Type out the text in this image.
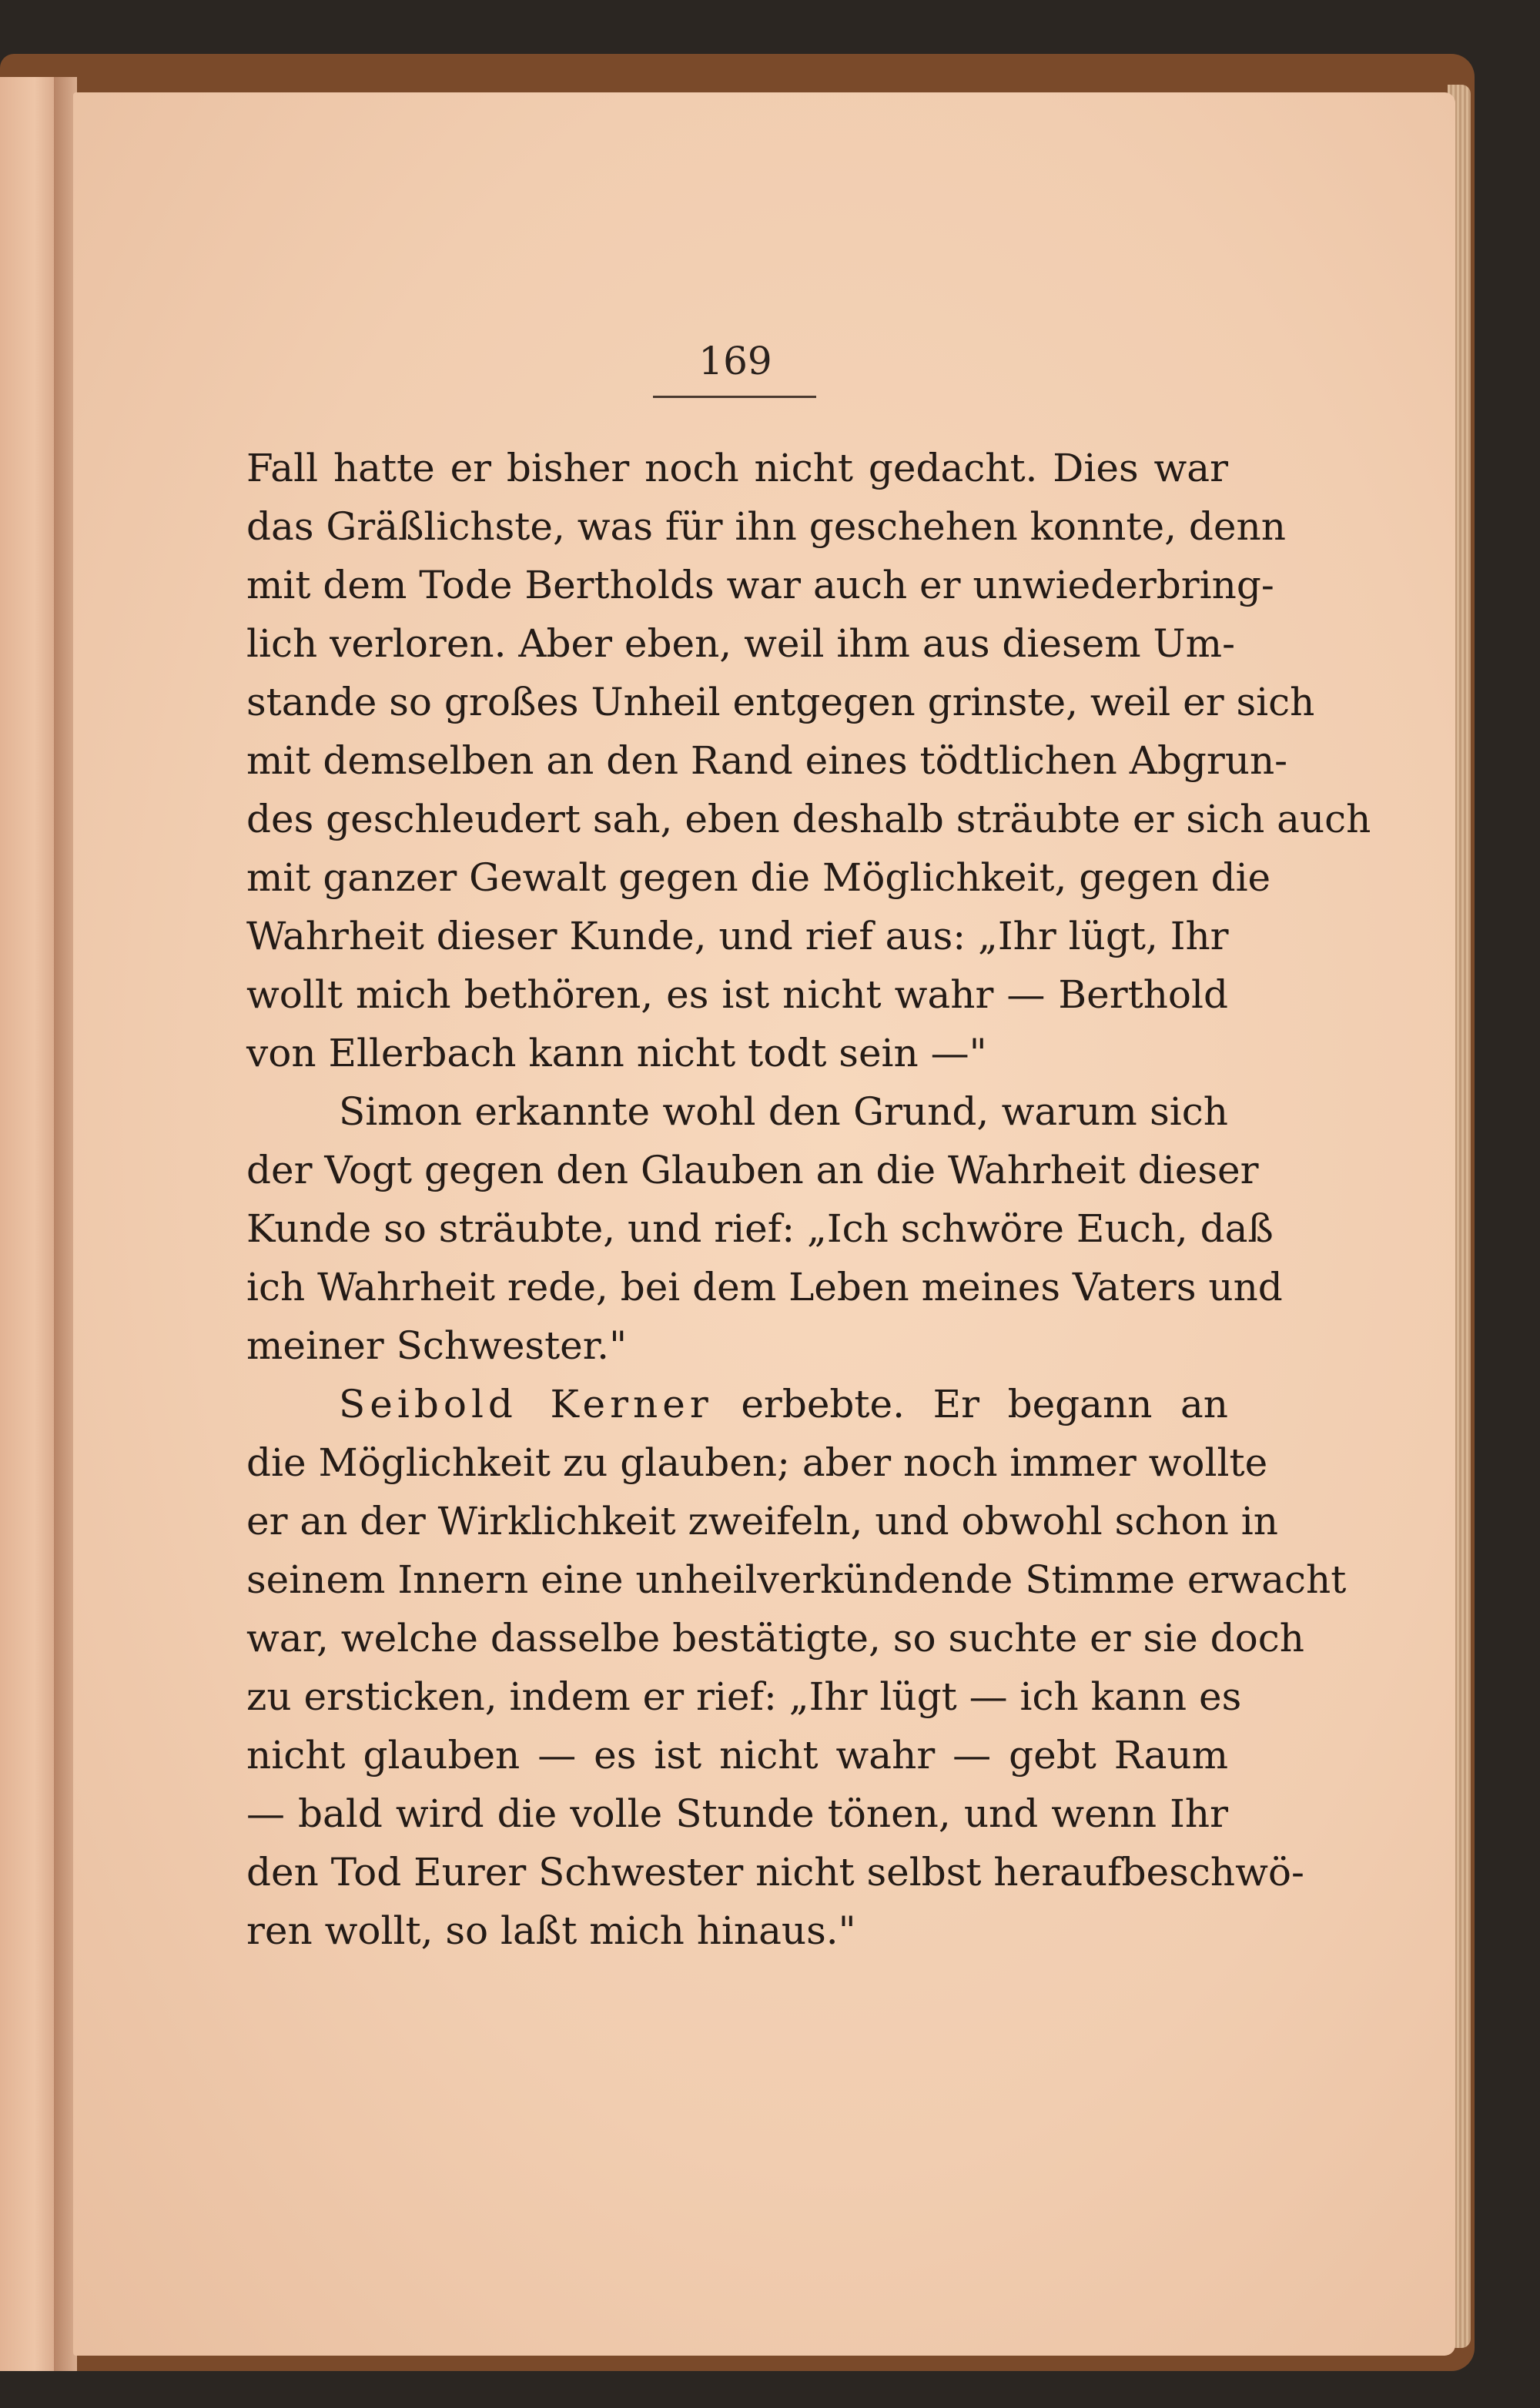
169
Fall hatte er bisher noch nicht gedacht. Dies war
das Gräßlichste, was für ihn geschehen konnte, denn
mit dem Tode Bertholds war auch er unwiederbring-
lich verloren. Aber eben, weil ihm aus diesem Um-
stande so großes Unheil entgegen grinste, weil er sich
mit demselben an den Rand eines tödtlichen Abgrun-
des geschleudert sah, eben deshalb sträubte er sich auch
mit ganzer Gewalt gegen die Möglichkeit, gegen die
Wahrheit dieser Kunde, und rief aus: „Ihr lügt, Ihr
wollt mich bethören, es ist nicht wahr — Berthold
von Ellerbach kann nicht todt sein —"
Simon erkannte wohl den Grund, warum sich
der Vogt gegen den Glauben an die Wahrheit dieser
Kunde so sträubte, und rief: „Ich schwöre Euch, daß
ich Wahrheit rede, bei dem Leben meines Vaters und
meiner Schwester."
Seibold Kerner erbebte. Er begann an
die Möglichkeit zu glauben; aber noch immer wollte
er an der Wirklichkeit zweifeln, und obwohl schon in
seinem Innern eine unheilverkündende Stimme erwacht
war, welche dasselbe bestätigte, so suchte er sie doch
zu ersticken, indem er rief: „Ihr lügt — ich kann es
nicht glauben — es ist nicht wahr — gebt Raum
— bald wird die volle Stunde tönen, und wenn Ihr
den Tod Eurer Schwester nicht selbst heraufbeschwö-
ren wollt, so laßt mich hinaus."
